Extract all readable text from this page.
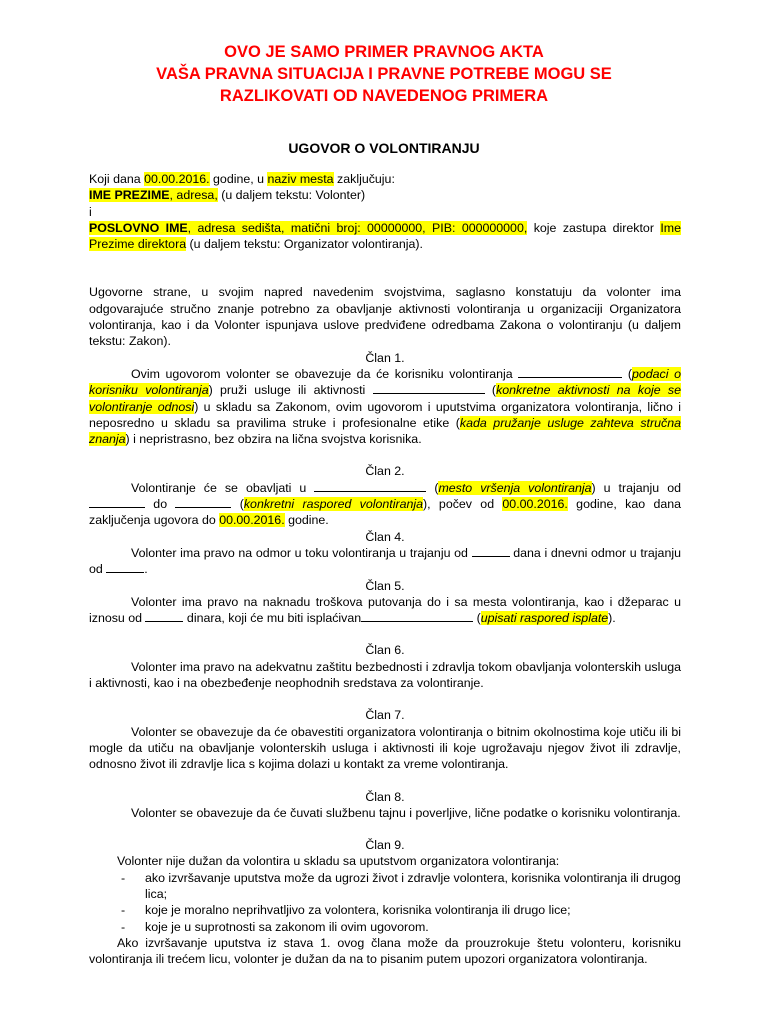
OVO JE SAMO PRIMER PRAVNOG AKTA
VAŠA PRAVNA SITUACIJA I PRAVNE POTREBE MOGU SE
RAZLIKOVATI OD NAVEDENOG PRIMERA
UGOVOR O VOLONTIRANJU

Koji dana 00.00.2016. godine, u naziv mesta zaključuju:

IME PREZIME, adresa, (u daljem tekstu: Volonter)

i

POSLOVNO IME, adresa sedišta, matični broj: 00000000, PIB: 000000000, koje zastupa direktor Ime Prezime direktora (u daljem tekstu: Organizator volontiranja).

Ugovorne strane, u svojim napred navedenim svojstvima, saglasno konstatuju da volonter ima odgovarajuće stručno znanje potrebno za obavljanje aktivnosti volontiranja u organizaciji Organizatora volontiranja, kao i da Volonter ispunjava uslove predviđene odredbama Zakona o volontiranju (u daljem tekstu: Zakon).

Član 1.

Ovim ugovorom volonter se obavezuje da će korisniku volontiranja	(podaci o korisniku volontiranja) pruži usluge ili aktivnosti	(konkretne aktivnosti na koje se volontiranje odnosi) u skladu sa Zakonom, ovim ugovorom i uputstvima organizatora volontiranja, lično i neposredno u skladu sa pravilima struke i profesionalne etike (kada pružanje usluge zahteva stručna znanja) i nepristrasno, bez obzira na lična svojstva korisnika.

Član 2.

Volontiranje će se obavljati u	(mesto vršenja volontiranja) u trajanju od  do	(konkretni raspored volontiranja), počev od 00.00.2016. godine, kao dana zaključenja ugovora do 00.00.2016. godine.

Član 4.

Volonter ima pravo na odmor u toku volontiranja u trajanju od	dana i dnevni odmor u trajanju od	.

Član 5.

Volonter ima pravo na naknadu troškova putovanja do i sa mesta volontiranja, kao i džeparac u iznosu od	dinara, koji će mu biti isplaćivan	(upisati raspored isplate).

Član 6.

Volonter ima pravo na adekvatnu zaštitu bezbednosti i zdravlja tokom obavljanja volonterskih usluga i aktivnosti, kao i na obezbeđenje neophodnih sredstava za volontiranje.

Član 7.

Volonter se obavezuje da će obavestiti organizatora volontiranja o bitnim okolnostima koje utiču ili bi mogle da utiču na obavljanje volonterskih usluga i aktivnosti ili koje ugrožavaju njegov život ili zdravlje, odnosno život ili zdravlje lica s kojima dolazi u kontakt za vreme volontiranja.

Član 8.

Volonter se obavezuje da će čuvati službenu tajnu i poverljive, lične podatke o korisniku volontiranja.

Član 9.

Volonter nije dužan da volontira u skladu sa uputstvom organizatora volontiranja:

- ako izvršavanje uputstva može da ugrozi život i zdravlje volontera, korisnika volontiranja ili drugog lica;
- koje je moralno neprihvatljivo za volontera, korisnika volontiranja ili drugo lice;
- koje je u suprotnosti sa zakonom ili ovim ugovorom.

Ako izvršavanje uputstva iz stava 1. ovog člana može da prouzrokuje štetu volonteru, korisniku volontiranja ili trećem licu, volonter je dužan da na to pisanim putem upozori organizatora volontiranja.
